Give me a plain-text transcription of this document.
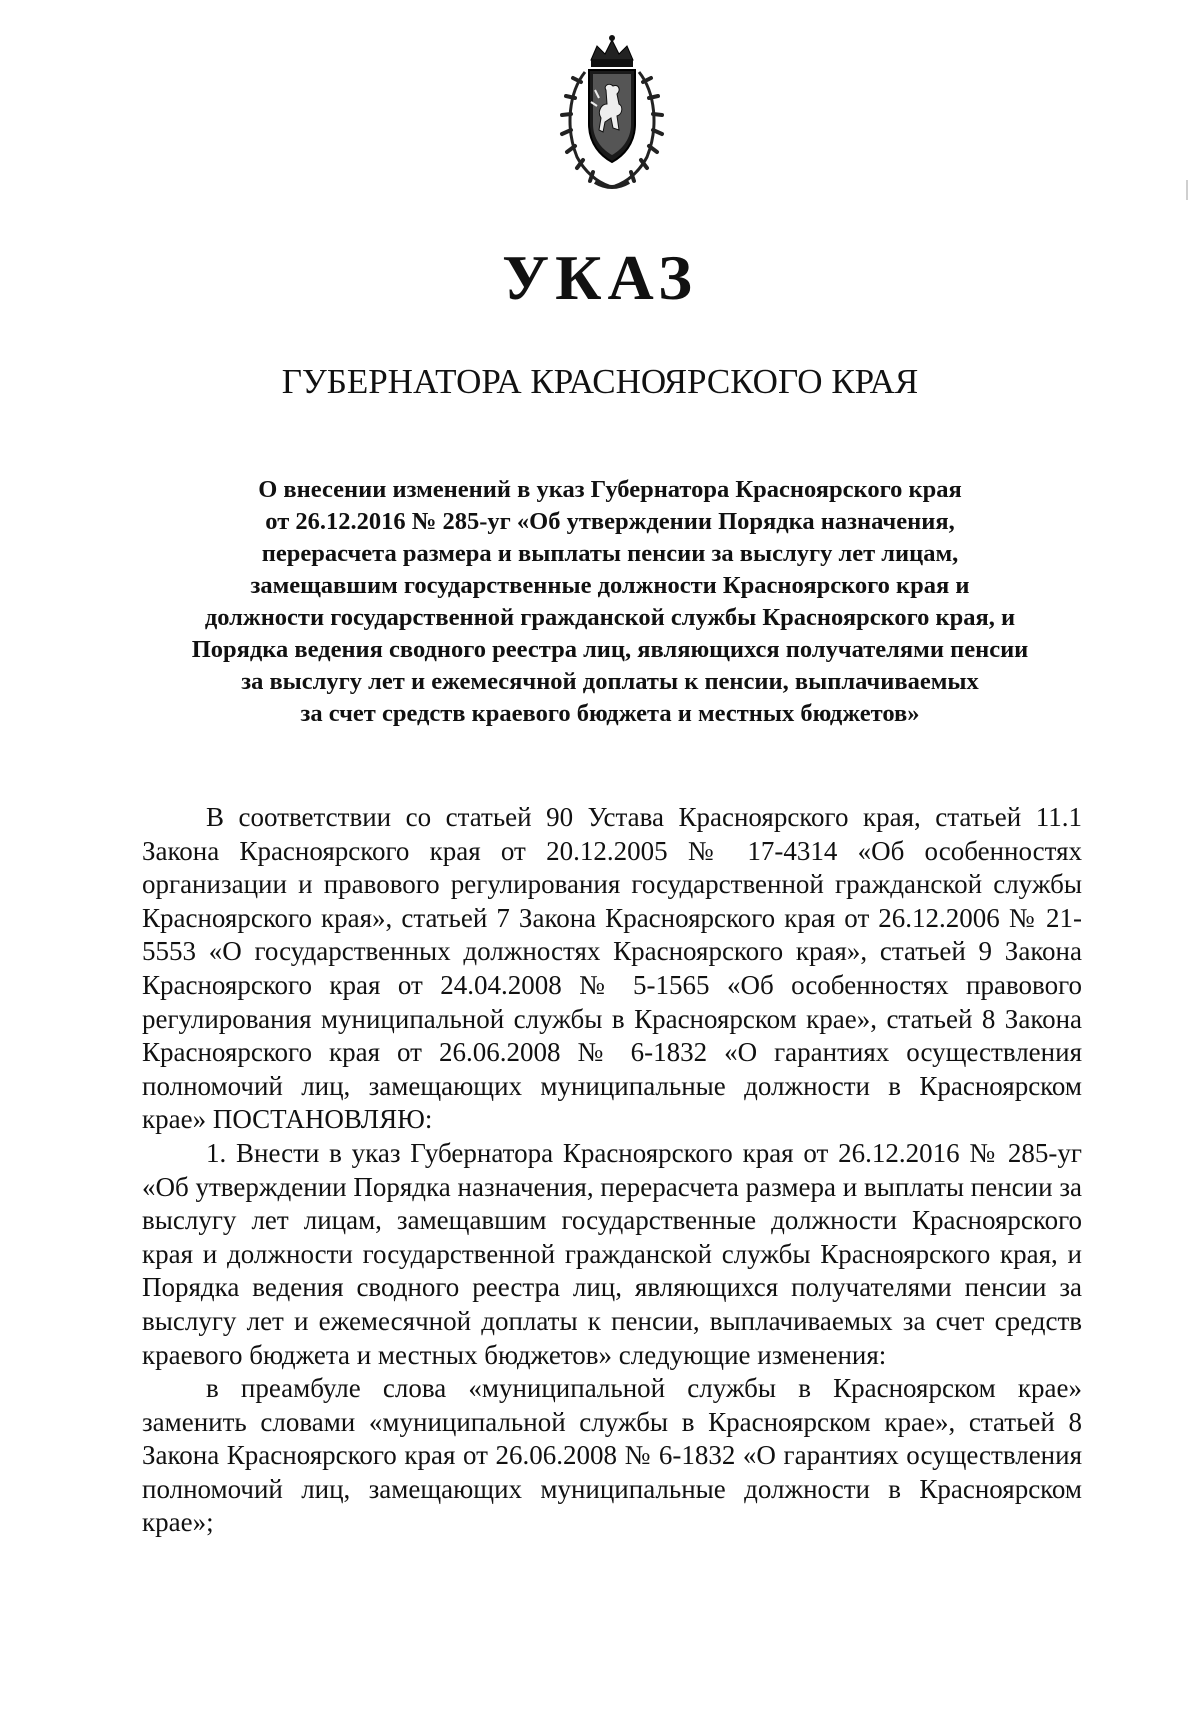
УКАЗ
ГУБЕРНАТОРА КРАСНОЯРСКОГО КРАЯ
О внесении изменений в указ Губернатора Красноярского края
от 26.12.2016 № 285-уг «Об утверждении Порядка назначения,
перерасчета размера и выплаты пенсии за выслугу лет лицам,
замещавшим государственные должности Красноярского края и
должности государственной гражданской службы Красноярского края, и
Порядка ведения сводного реестра лиц, являющихся получателями пенсии
за выслугу лет и ежемесячной доплаты к пенсии, выплачиваемых
за счет средств краевого бюджета и местных бюджетов»

В соответствии со статьей 90 Устава Красноярского края, статьей 11.1 Закона Красноярского края от 20.12.2005 № 17-4314 «Об особенностях организации и правового регулирования государственной гражданской службы Красноярского края», статьей 7 Закона Красноярского края от 26.12.2006 № 21-5553 «О государственных должностях Красноярского края», статьей 9 Закона Красноярского края от 24.04.2008 № 5-1565 «Об особенностях правового регулирования муниципальной службы в Красноярском крае», статьей 8 Закона Красноярского края от 26.06.2008 № 6-1832 «О гарантиях осуществления полномочий лиц, замещающих муниципальные должности в Красноярском крае» ПОСТАНОВЛЯЮ:

1. Внести в указ Губернатора Красноярского края от 26.12.2016 № 285-уг «Об утверждении Порядка назначения, перерасчета размера и выплаты пенсии за выслугу лет лицам, замещавшим государственные должности Красноярского края и должности государственной гражданской службы Красноярского края, и Порядка ведения сводного реестра лиц, являющихся получателями пенсии за выслугу лет и ежемесячной доплаты к пенсии, выплачиваемых за счет средств краевого бюджета и местных бюджетов» следующие изменения:

в преамбуле слова «муниципальной службы в Красноярском крае» заменить словами «муниципальной службы в Красноярском крае», статьей 8 Закона Красноярского края от 26.06.2008 № 6-1832 «О гарантиях осуществления полномочий лиц, замещающих муниципальные должности в Красноярском крае»;
